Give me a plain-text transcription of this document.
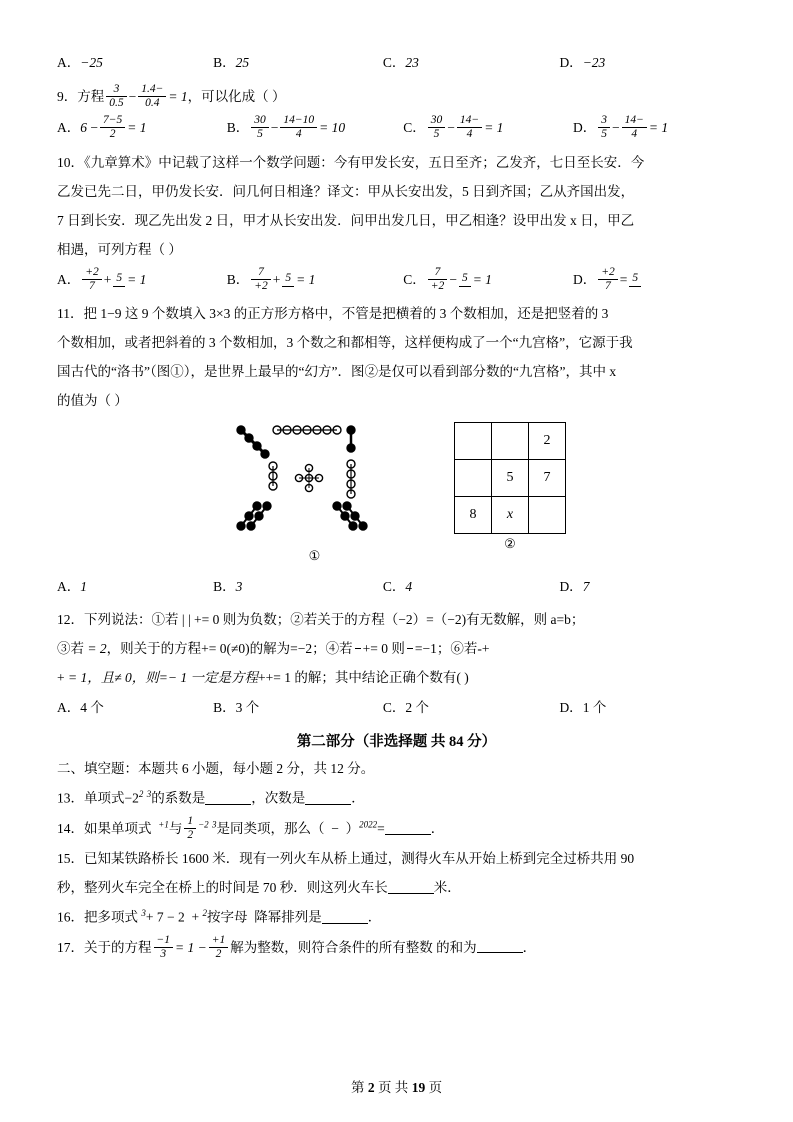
A．−25	B．25	C．23	D．−23
9．方程 $\frac{3}{0.5} - \frac{1.4-}{0.4} = 1$，可以化成（ ）
A．$6 - \frac{7-5}{2} = 1$	B． $\frac{30}{5} - \frac{14-10}{4} = 10$	C． $\frac{30}{5} - \frac{14-}{4} = 1$	D． $\frac{3}{5} - \frac{14-}{4} = 1$
10．《九章算术》中记载了这样一个数学问题：今有甲发长安，五日至齐；乙发齐，七日至长安．今
乙发已先二日，甲仍发长安．问几何日相逢？译文：甲从长安出发，5 日到齐国；乙从齐国出发，
7 日到长安．现乙先出发 2 日，甲才从长安出发．问甲出发几日，甲乙相逢？设甲出发 x 日，甲乙
相遇，可列方程（ ）
A． $\frac{+2}{7} + 5 = 1$	B． $\frac{7}{+2} + 5 = 1$	C． $\frac{7}{+2} - 5 = 1$	D． $\frac{+2}{7} = 5$
11．把 1−9 这 9 个数填入 3×3 的正方形方格中，不管是把横着的 3 个数相加，还是把竖着的 3
个数相加，或者把斜着的 3 个数相加，3 个数之和都相等，这样便构成了一个“九宫格”，它源于我
国古代的“洛书”（图①），是世界上最早的“幻方”．图②是仅可以看到部分数的“九宫格”，其中 x
的值为（ ）
①
		2
	5	7
8	x	
②
A．1	B．3	C．4	D．7
12．下列说法：①若 | | += 0 则为负数；②若关于的方程（−2）=（−2)有无数解，则 a=b；
③若 = 2，则关于的方程+= 0(≠0)的解为=−2；④若 += 0 则 =−1；⑥若-+
+ = 1，且≠ 0，则=− 1 一定是方程++= 1 的解；其中结论正确个数有( )
A．4 个	B．3 个	C．2 个	D．1 个
第二部分（非选择题 共 84 分）
二、填空题：本题共 6 小题，每小题 2 分，共 12 分。
13．单项式$-2^2$ $^3$的系数是	，次数是	．
14．如果单项式 $^{+1}$与 $\frac{1}{2} ^{-2}$ $^3$是同类项，那么（ − ）$^{2022}$=	．
15．已知某铁路桥长 1600 米．现有一列火车从桥上通过，测得火车从开始上桥到完全过桥共用 90
秒，整列火车完全在桥上的时间是 70 秒．则这列火车长	米．
16．把多项式 $^3$+ 7 − 2 + $^2$按字母 降幂排列是	．
17．关于的方程 $\frac{-1}{3} = 1 - \frac{+1}{2}$ 解为整数，则符合条件的所有整数 的和为	．
第 2 页 共 19 页
